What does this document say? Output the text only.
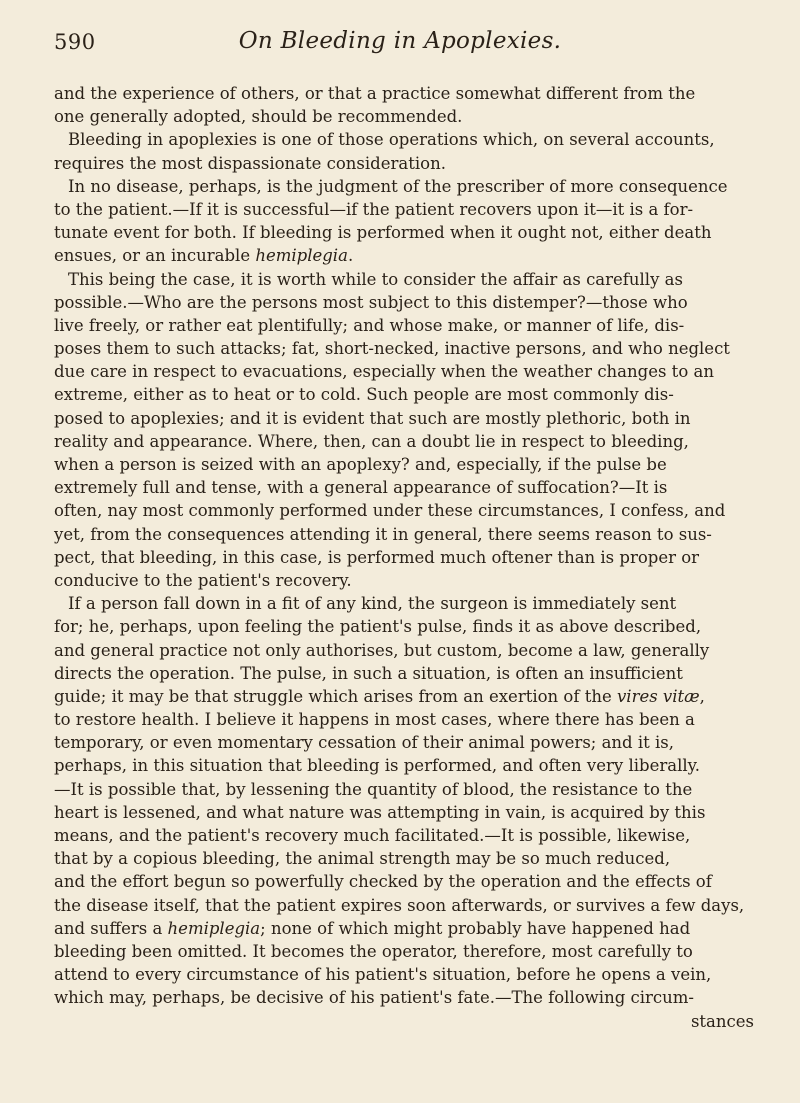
590	On Bleeding in Apoplexies.
and the experience of others, or that a practice somewhat different from the
one generally adopted, should be recommended.
Bleeding in apoplexies is one of those operations which, on several accounts,
requires the most dispassionate consideration.
In no disease, perhaps, is the judgment of the prescriber of more consequence
to the patient.—If it is successful—if the patient recovers upon it—it is a for-
tunate event for both. If bleeding is performed when it ought not, either death
ensues, or an incurable hemiplegia.
This being the case, it is worth while to consider the affair as carefully as
possible.—Who are the persons most subject to this distemper?—those who
live freely, or rather eat plentifully; and whose make, or manner of life, dis-
poses them to such attacks; fat, short-necked, inactive persons, and who neglect
due care in respect to evacuations, especially when the weather changes to an
extreme, either as to heat or to cold. Such people are most commonly dis-
posed to apoplexies; and it is evident that such are mostly plethoric, both in
reality and appearance. Where, then, can a doubt lie in respect to bleeding,
when a person is seized with an apoplexy? and, especially, if the pulse be
extremely full and tense, with a general appearance of suffocation?—It is
often, nay most commonly performed under these circumstances, I confess, and
yet, from the consequences attending it in general, there seems reason to sus-
pect, that bleeding, in this case, is performed much oftener than is proper or
conducive to the patient's recovery.
If a person fall down in a fit of any kind, the surgeon is immediately sent
for; he, perhaps, upon feeling the patient's pulse, finds it as above described,
and general practice not only authorises, but custom, become a law, generally
directs the operation. The pulse, in such a situation, is often an insufficient
guide; it may be that struggle which arises from an exertion of the vires vitæ,
to restore health. I believe it happens in most cases, where there has been a
temporary, or even momentary cessation of their animal powers; and it is,
perhaps, in this situation that bleeding is performed, and often very liberally.
—It is possible that, by lessening the quantity of blood, the resistance to the
heart is lessened, and what nature was attempting in vain, is acquired by this
means, and the patient's recovery much facilitated.—It is possible, likewise,
that by a copious bleeding, the animal strength may be so much reduced,
and the effort begun so powerfully checked by the operation and the effects of
the disease itself, that the patient expires soon afterwards, or survives a few days,
and suffers a hemiplegia; none of which might probably have happened had
bleeding been omitted. It becomes the operator, therefore, most carefully to
attend to every circumstance of his patient's situation, before he opens a vein,
which may, perhaps, be decisive of his patient's fate.—The following circum-
stances
